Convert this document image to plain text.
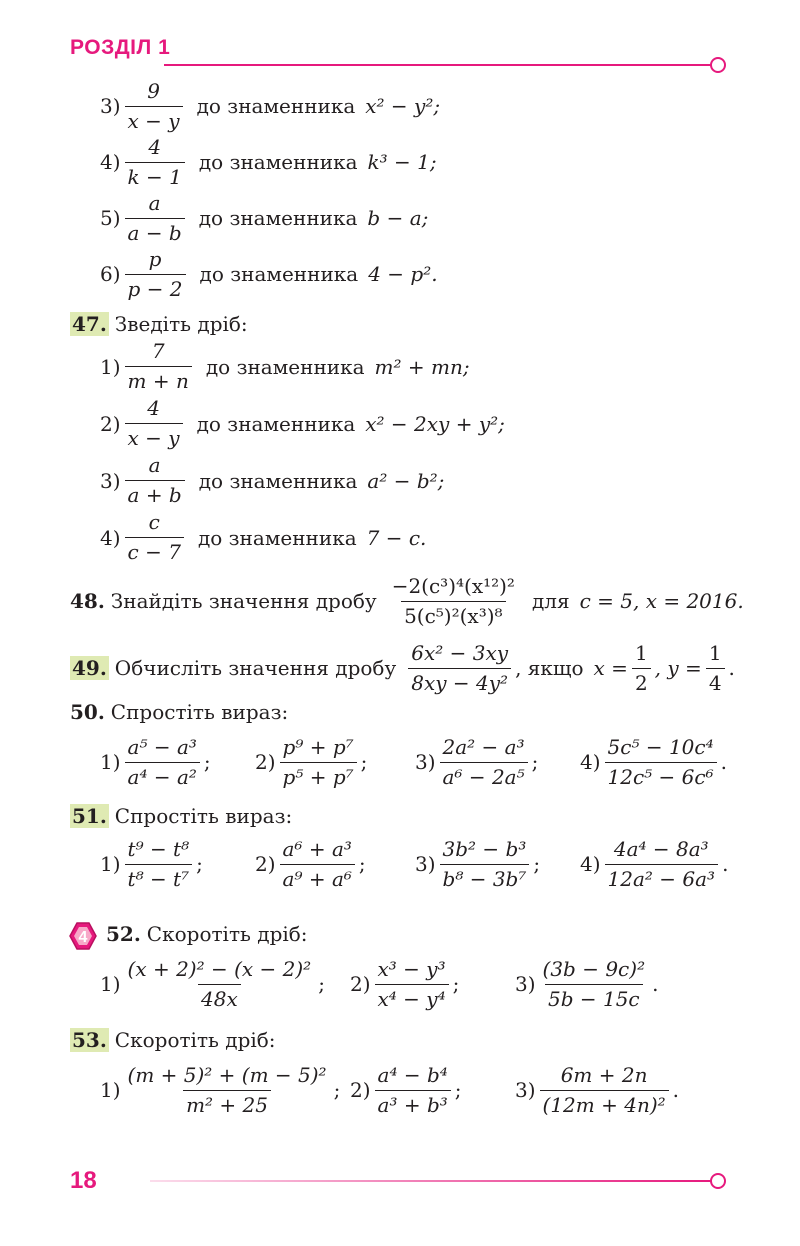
РОЗДІЛ 1
$3) \frac{9}{x - y}$ до знаменника x² − y²;
$4) \frac{4}{k - 1}$ до знаменника k³ − 1;
$5) \frac{a}{a - b}$ до знаменника b − a;
$6) \frac{p}{p - 2}$ до знаменника 4 − p².
47. Зведіть дріб:
$1) \frac{7}{m + n}$ до знаменника m² + mn;
$2) \frac{4}{x - y}$ до знаменника x² − 2xy + y²;
$3) \frac{a}{a + b}$ до знаменника a² − b²;
$4) \frac{c}{c - 7}$ до знаменника 7 − c.
48. Знайдіть значення дробу $\frac{\text{−2(c³)⁴(x¹²)²}}{\text{5(c⁵)²(x³)⁸}}$ для c = 5, x = 2016.
49. Обчисліть значення дробу $\frac{\text{6x² − 3xy}}{\text{8xy − 4y²}}$ , якщо $x = \frac{1}{2}$ , $y = \frac{1}{4}$ .
50. Спростіть вираз:
$1) \frac{\text{a⁵ − a³}}{\text{a⁴ − a²}}$ ; $2) \frac{\text{p⁹ + p⁷}}{\text{p⁵ + p⁷}}$ ; $3) \frac{\text{2a² − a³}}{\text{a⁶ − 2a⁵}}$ ; $4) \frac{\text{5c⁵ − 10c⁴}}{\text{12c⁵ − 6c⁶}}$ .
51. Спростіть вираз:
$1) \frac{\text{t⁹ − t⁸}}{\text{t⁸ − t⁷}}$ ;	$2) \frac{\text{a⁶ + a³}}{\text{a⁹ + a⁶}}$ ; $3) \frac{\text{3b² − b³}}{\text{b⁸ − 3b⁷}}$ ; $4) \frac{\text{4a⁴ − 8a³}}{\text{12a² − 6a³}}$ .
4 52. Скоротіть дріб:
$1) \frac{\text{(x + 2)² − (x − 2)²}}{48x}$ ; $2) \frac{\text{x³ − y³}}{\text{x⁴ − y⁴}}$ ;	$3) \frac{\text{(3b − 9c)²}}{5b - 15c}$ .
53. Скоротіть дріб:
$1) \frac{\text{(m + 5)² + (m − 5)²}}{\text{m² + 25}}$ ; $2) \frac{\text{a⁴ − b⁴}}{\text{a³ + b³}}$ ;	$3) \frac{6m + 2n}{\text{(12m + 4n)²}}$ .
18
